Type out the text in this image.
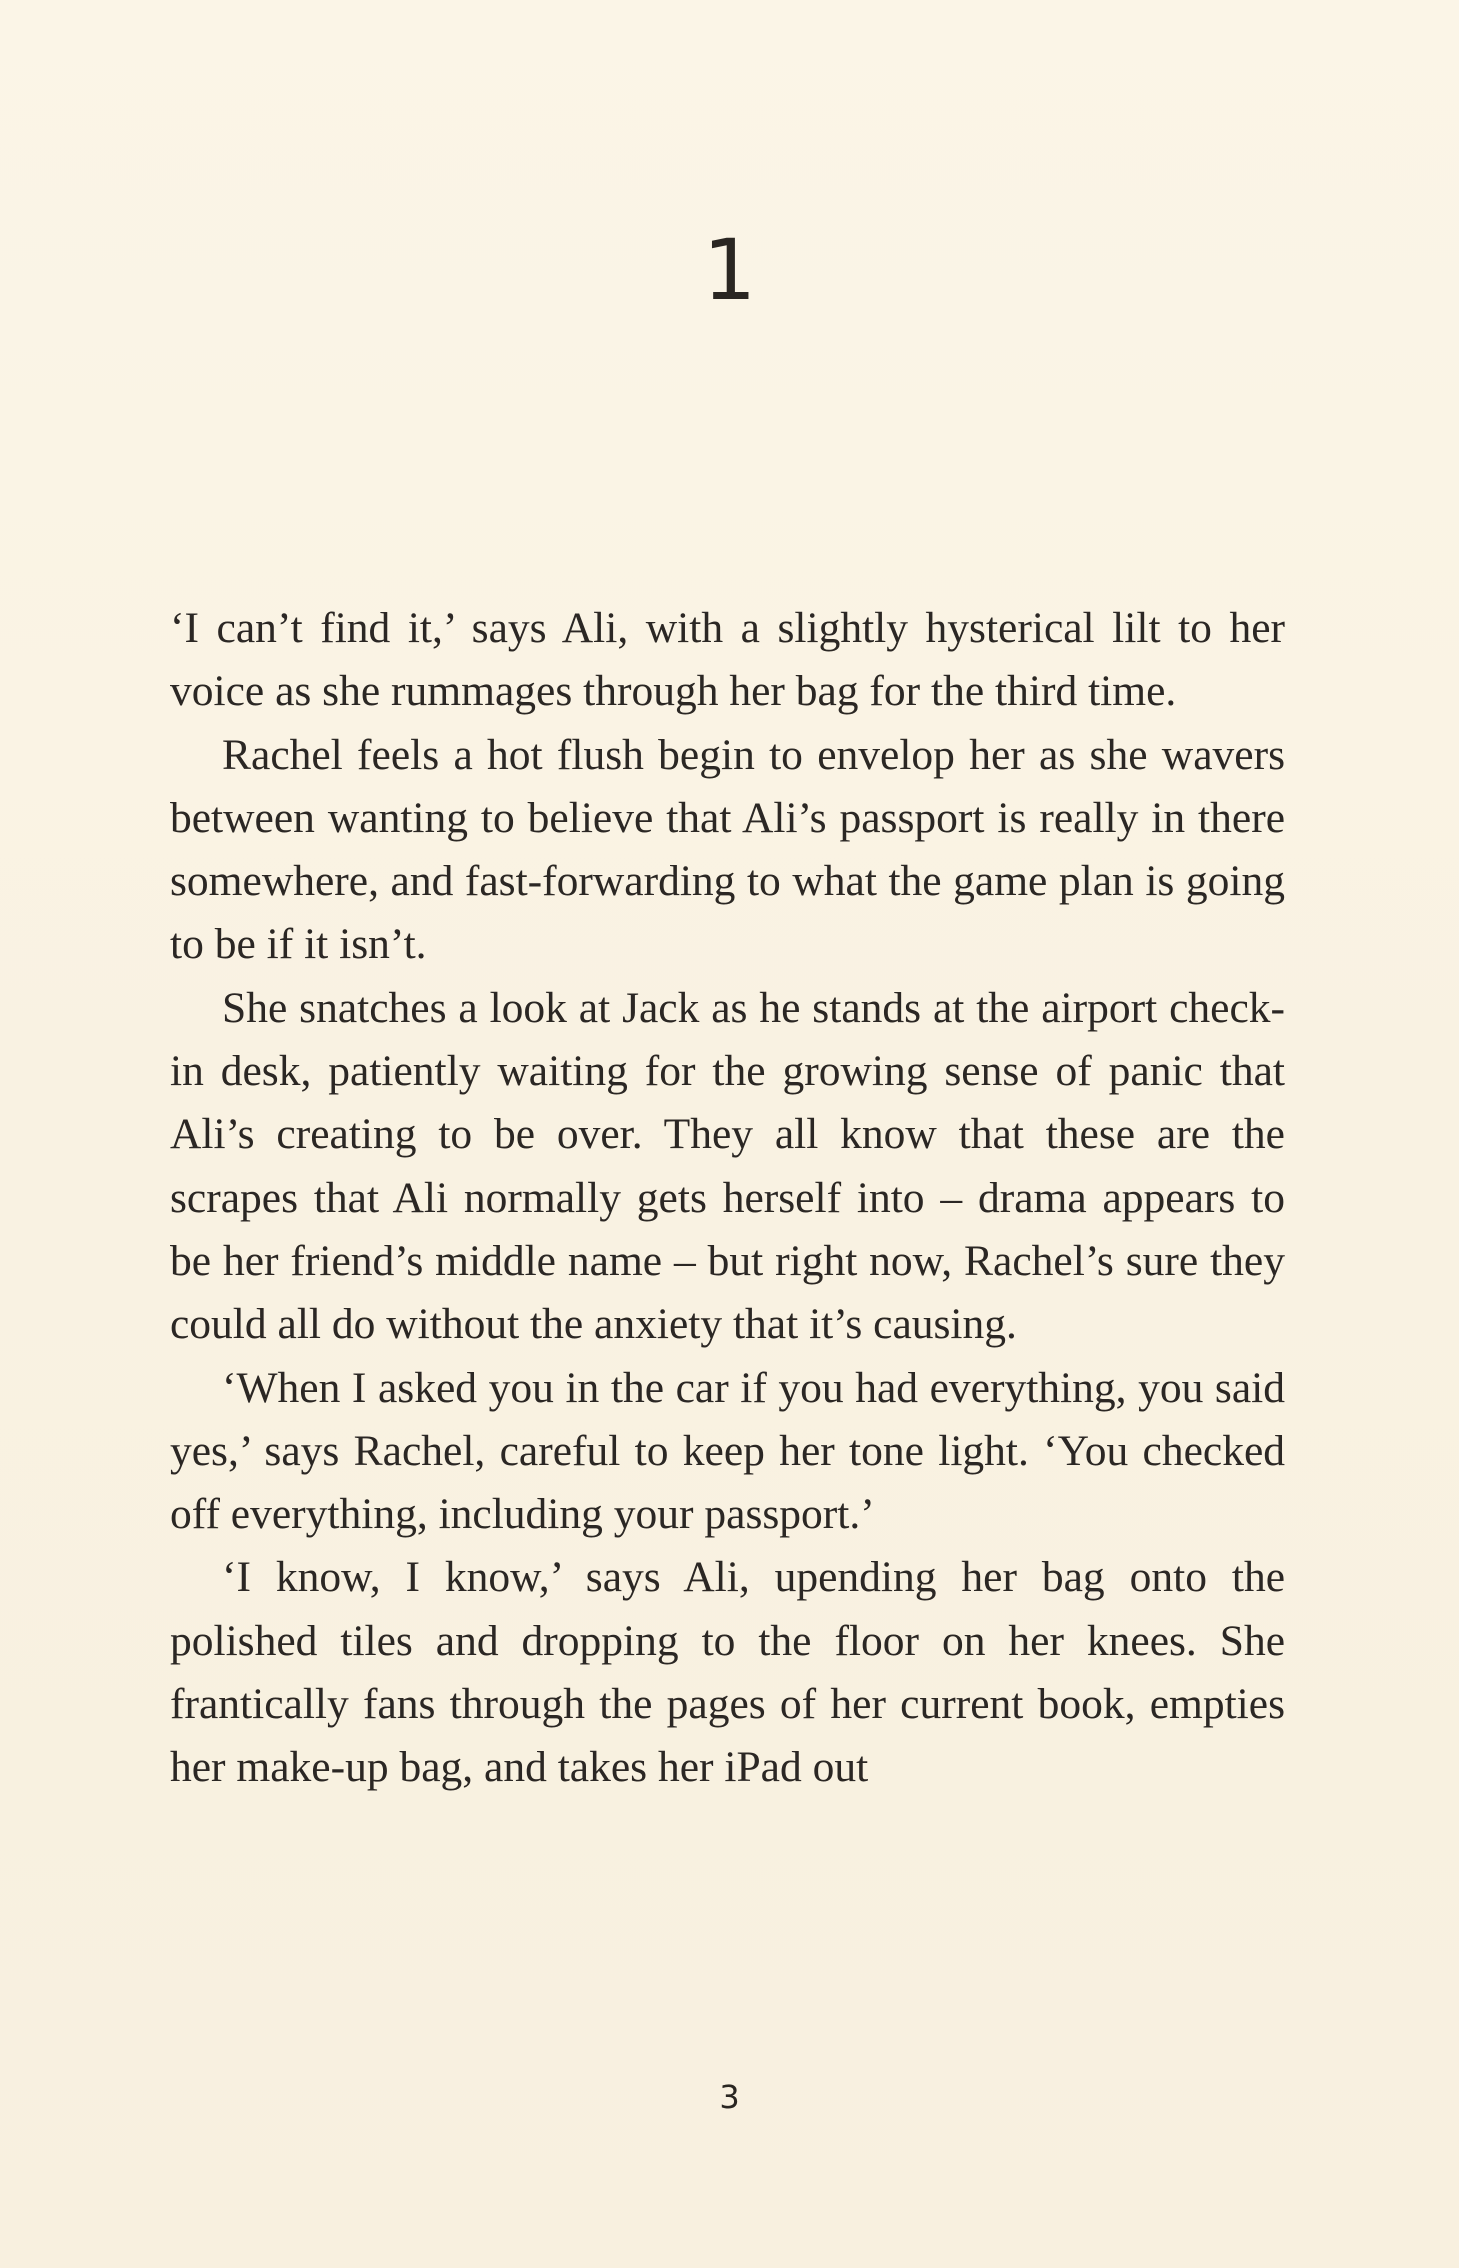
1

‘I can’t find it,’ says Ali, with a slightly hysterical lilt to her voice as she rummages through her bag for the third time.

Rachel feels a hot flush begin to envelop her as she wavers between wanting to believe that Ali’s passport is really in there somewhere, and fast-forwarding to what the game plan is going to be if it isn’t.

She snatches a look at Jack as he stands at the airport check-in desk, patiently waiting for the growing sense of panic that Ali’s creating to be over. They all know that these are the scrapes that Ali normally gets herself into – drama appears to be her friend’s middle name – but right now, Rachel’s sure they could all do without the anxiety that it’s causing.

‘When I asked you in the car if you had everything, you said yes,’ says Rachel, careful to keep her tone light. ‘You checked off everything, including your passport.’

‘I know, I know,’ says Ali, upending her bag onto the polished tiles and dropping to the floor on her knees. She frantically fans through the pages of her current book, empties her make-up bag, and takes her iPad out

3
